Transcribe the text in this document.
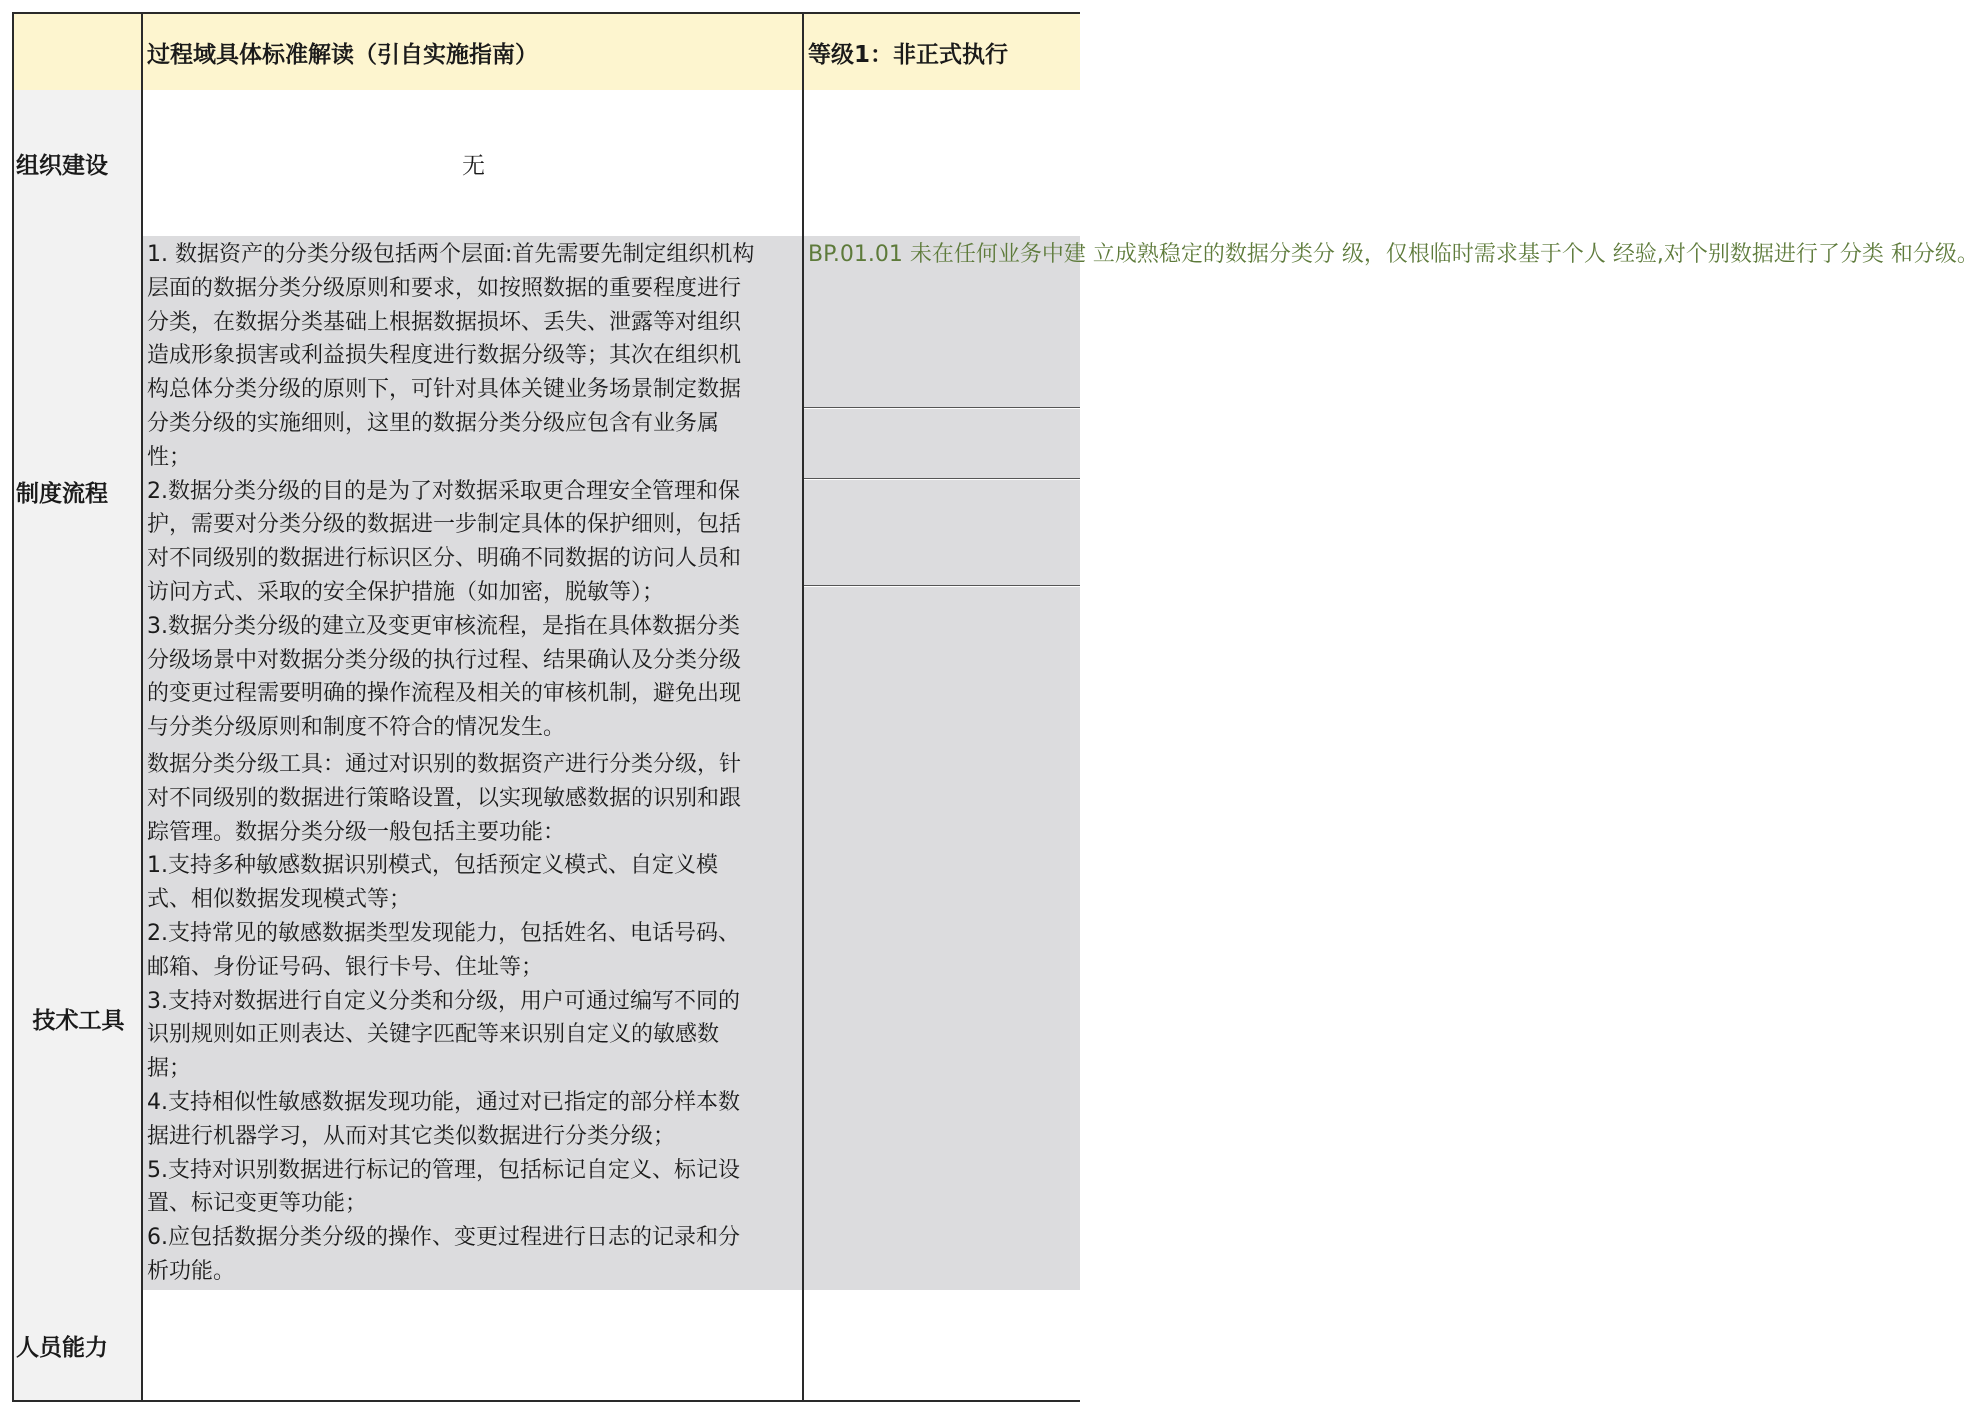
过程域具体标准解读（引自实施指南）	等级1：非正式执行
组织建设	无
制度流程
1. 数据资产的分类分级包括两个层面:首先需要先制定组织机构
层面的数据分类分级原则和要求，如按照数据的重要程度进行
分类，在数据分类基础上根据数据损坏、丢失、泄露等对组织
造成形象损害或利益损失程度进行数据分级等；其次在组织机
构总体分类分级的原则下，可针对具体关键业务场景制定数据
分类分级的实施细则，这里的数据分类分级应包含有业务属
性；
2.数据分类分级的目的是为了对数据采取更合理安全管理和保
护，需要对分类分级的数据进一步制定具体的保护细则，包括
对不同级别的数据进行标识区分、明确不同数据的访问人员和
访问方式、采取的安全保护措施（如加密，脱敏等）；
3.数据分类分级的建立及变更审核流程，是指在具体数据分类
分级场景中对数据分类分级的执行过程、结果确认及分类分级
的变更过程需要明确的操作流程及相关的审核机制，避免出现
与分类分级原则和制度不符合的情况发生。
BP.01.01 未在任何业务中建 立成熟稳定的数据分类分 级，仅根临时需求基于个人 经验,对个别数据进行了分类 和分级。
技术工具
数据分类分级工具：通过对识别的数据资产进行分类分级，针
对不同级别的数据进行策略设置，以实现敏感数据的识别和跟
踪管理。数据分类分级一般包括主要功能：
1.支持多种敏感数据识别模式，包括预定义模式、自定义模
式、相似数据发现模式等；
2.支持常见的敏感数据类型发现能力，包括姓名、电话号码、
邮箱、身份证号码、银行卡号、住址等；
3.支持对数据进行自定义分类和分级，用户可通过编写不同的
识别规则如正则表达、关键字匹配等来识别自定义的敏感数
据；
4.支持相似性敏感数据发现功能，通过对已指定的部分样本数
据进行机器学习，从而对其它类似数据进行分类分级；
5.支持对识别数据进行标记的管理，包括标记自定义、标记设
置、标记变更等功能；
6.应包括数据分类分级的操作、变更过程进行日志的记录和分
析功能。
人员能力
